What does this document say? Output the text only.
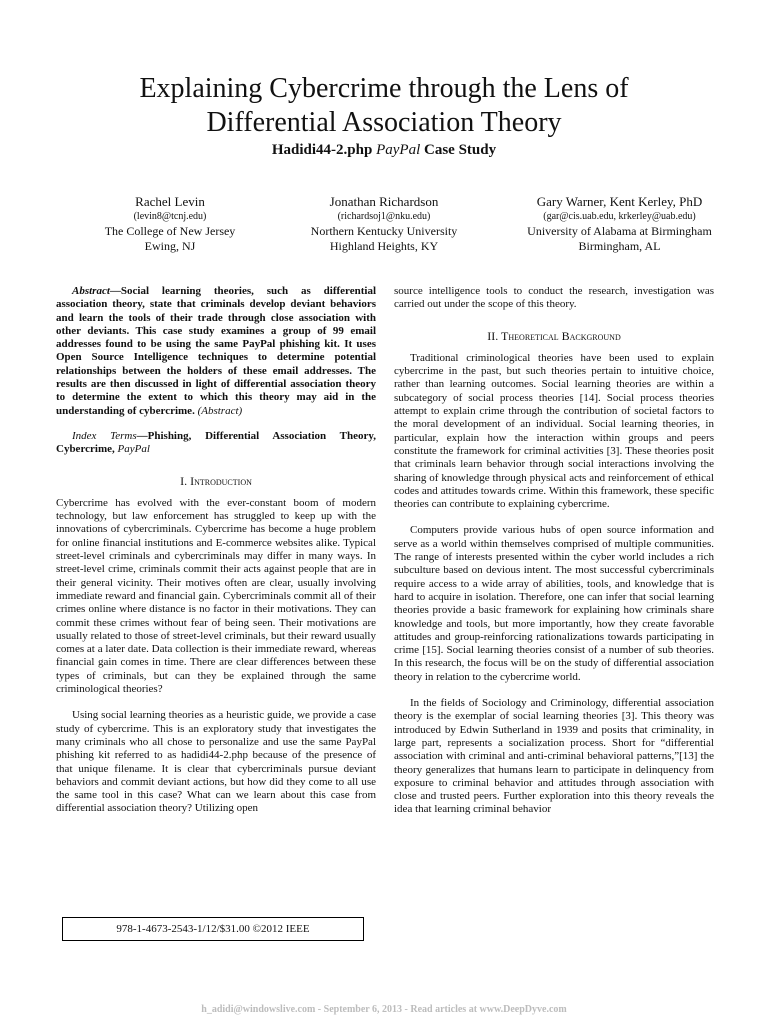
Explaining Cybercrime through the Lens of
Differential Association Theory
Hadidi44-2.php PayPal Case Study
Rachel Levin
(levin8@tcnj.edu)
The College of New Jersey
Ewing, NJ
Jonathan Richardson
(richardsoj1@nku.edu)
Northern Kentucky University
Highland Heights, KY
Gary Warner, Kent Kerley, PhD
(gar@cis.uab.edu, krkerley@uab.edu)
University of Alabama at Birmingham
Birmingham, AL

Abstract—Social learning theories, such as differential association theory, state that criminals develop deviant behaviors and learn the tools of their trade through close association with other deviants. This case study examines a group of 99 email addresses found to be using the same PayPal phishing kit. It uses Open Source Intelligence techniques to determine potential relationships between the holders of these email addresses. The results are then discussed in light of differential association theory to determine the extent to which this theory may aid in the understanding of cybercrime. (Abstract)

Index Terms—Phishing, Differential Association Theory, Cybercrime, PayPal

I. Introduction

Cybercrime has evolved with the ever-constant boom of modern technology, but law enforcement has struggled to keep up with the innovations of cybercriminals. Cybercrime has become a huge problem for online financial institutions and E-commerce websites alike. Typical street-level criminals and cybercriminals may differ in many ways. In street-level crime, criminals commit their acts against people that are in their general vicinity. Their motives often are clear, usually involving immediate reward and financial gain. Cybercriminals commit all of their crimes online where distance is no factor in their motivations. They can commit these crimes without fear of being seen. Their motivations are usually related to those of street-level criminals, but their reward usually comes at a later date. Data collection is their immediate reward, whereas financial gain comes in time. There are clear differences between these types of criminals, but can they be explained through the same criminological theories?

Using social learning theories as a heuristic guide, we provide a case study of cybercrime. This is an exploratory study that investigates the many criminals who all chose to personalize and use the same PayPal phishing kit referred to as hadidi44-2.php because of the presence of that unique filename. It is clear that cybercriminals pursue deviant behaviors and commit deviant actions, but how did they come to all use the same tool in this case? What can we learn about this case from differential association theory? Utilizing open

source intelligence tools to conduct the research, investigation was carried out under the scope of this theory.

II. Theoretical Background

Traditional criminological theories have been used to explain cybercrime in the past, but such theories pertain to intuitive choice, rather than learning outcomes. Social learning theories are within a subcategory of social process theories [14]. Social process theories attempt to explain crime through the contribution of societal factors to the moral development of an individual. Social learning theories, in particular, explain how the interaction within groups and peers constitute the framework for criminal activities [3]. These theories posit that criminals learn behavior through social interactions involving the sharing of knowledge through physical acts and reinforcement of ethical codes and attitudes towards crime. Within this framework, these specific theories can contribute to explaining cybercrime.

Computers provide various hubs of open source information and serve as a world within themselves comprised of multiple communities. The range of interests presented within the cyber world includes a rich subculture based on devious intent. The most successful cybercriminals require access to a wide array of abilities, tools, and knowledge that is hard to acquire in isolation. Therefore, one can infer that social learning theories provide a basic framework for explaining how criminals share knowledge and tools, but more importantly, how they create favorable attitudes and group-reinforcing rationalizations towards participating in crime [15]. Social learning theories consist of a number of sub theories. In this research, the focus will be on the study of differential association theory in relation to the cybercrime world.

In the fields of Sociology and Criminology, differential association theory is the exemplar of social learning theories [3]. This theory was introduced by Edwin Sutherland in 1939 and posits that criminality, in large part, represents a socialization process. Short for “differential association with criminal and anti-criminal behavioral patterns,”[13] the theory generalizes that humans learn to participate in delinquency from exposure to criminal behavior and attitudes through association with close and trusted peers. Further exploration into this theory reveals the idea that learning criminal behavior

978-1-4673-2543-1/12/$31.00 ©2012 IEEE
h_adidi@windowslive.com - September 6, 2013 - Read articles at www.DeepDyve.com
